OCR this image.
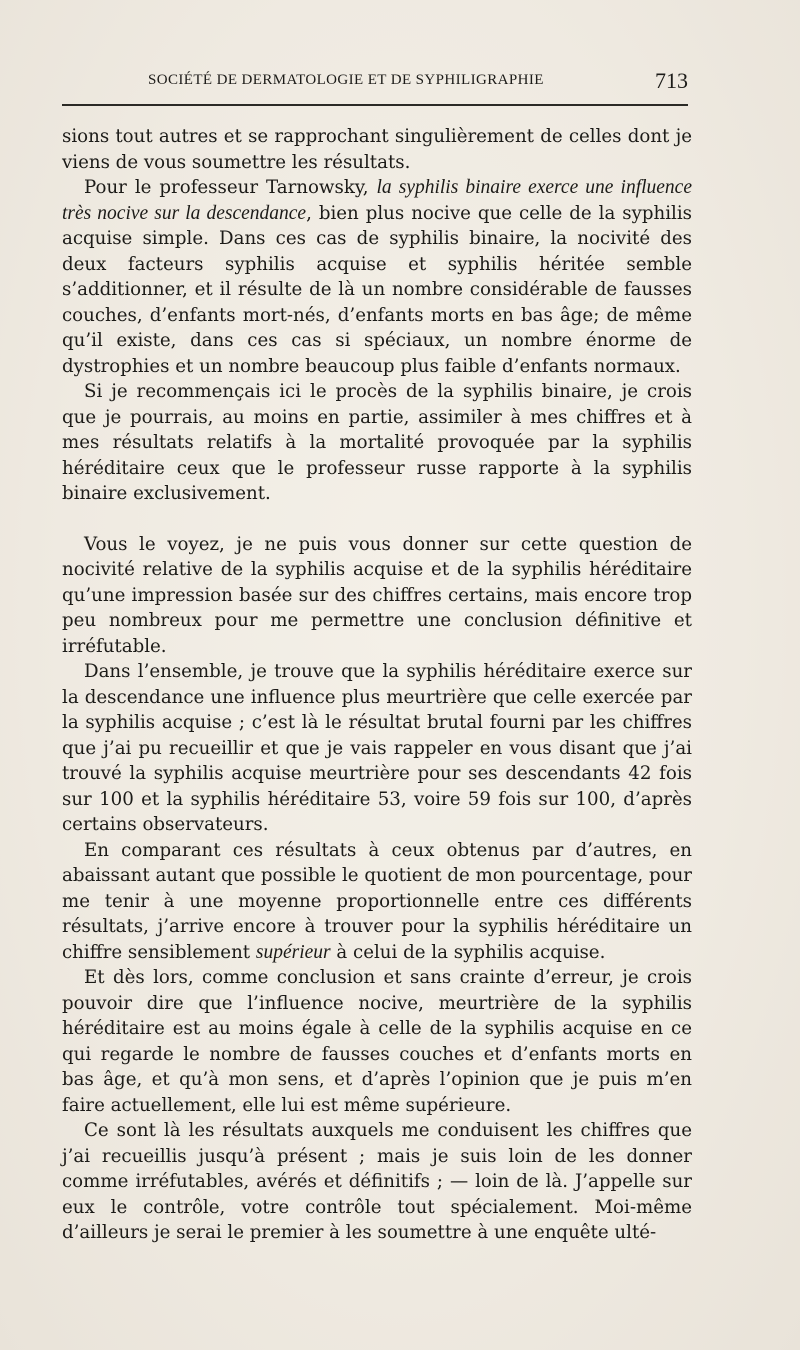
SOCIÉTÉ DE DERMATOLOGIE ET DE SYPHILIGRAPHIE	713

sions tout autres et se rapprochant singulièrement de celles dont je viens de vous soumettre les résultats.

Pour le professeur Tarnowsky, la syphilis binaire exerce une influence très nocive sur la descendance, bien plus nocive que celle de la syphilis acquise simple. Dans ces cas de syphilis binaire, la nocivité des deux facteurs syphilis acquise et syphilis héritée semble s’additionner, et il résulte de là un nombre considérable de fausses couches, d’enfants mort-nés, d’enfants morts en bas âge; de même qu’il existe, dans ces cas si spéciaux, un nombre énorme de dystrophies et un nombre beaucoup plus faible d’enfants normaux.

Si je recommençais ici le procès de la syphilis binaire, je crois que je pourrais, au moins en partie, assimiler à mes chiffres et à mes résultats relatifs à la mortalité provoquée par la syphilis héréditaire ceux que le professeur russe rapporte à la syphilis binaire exclusivement.

Vous le voyez, je ne puis vous donner sur cette question de nocivité relative de la syphilis acquise et de la syphilis héréditaire qu’une impression basée sur des chiffres certains, mais encore trop peu nombreux pour me permettre une conclusion définitive et irréfutable.

Dans l’ensemble, je trouve que la syphilis héréditaire exerce sur la descendance une influence plus meurtrière que celle exercée par la syphilis acquise ; c’est là le résultat brutal fourni par les chiffres que j’ai pu recueillir et que je vais rappeler en vous disant que j’ai trouvé la syphilis acquise meurtrière pour ses descendants 42 fois sur 100 et la syphilis héréditaire 53, voire 59 fois sur 100, d’après certains observateurs.

En comparant ces résultats à ceux obtenus par d’autres, en abaissant autant que possible le quotient de mon pourcentage, pour me tenir à une moyenne proportionnelle entre ces différents résultats, j’arrive encore à trouver pour la syphilis héréditaire un chiffre sensiblement supérieur à celui de la syphilis acquise.

Et dès lors, comme conclusion et sans crainte d’erreur, je crois pouvoir dire que l’influence nocive, meurtrière de la syphilis héréditaire est au moins égale à celle de la syphilis acquise en ce qui regarde le nombre de fausses couches et d’enfants morts en bas âge, et qu’à mon sens, et d’après l’opinion que je puis m’en faire actuellement, elle lui est même supérieure.

Ce sont là les résultats auxquels me conduisent les chiffres que j’ai recueillis jusqu’à présent ; mais je suis loin de les donner comme irréfutables, avérés et définitifs ; — loin de là. J’appelle sur eux le contrôle, votre contrôle tout spécialement. Moi-même d’ailleurs je serai le premier à les soumettre à une enquête ulté-
